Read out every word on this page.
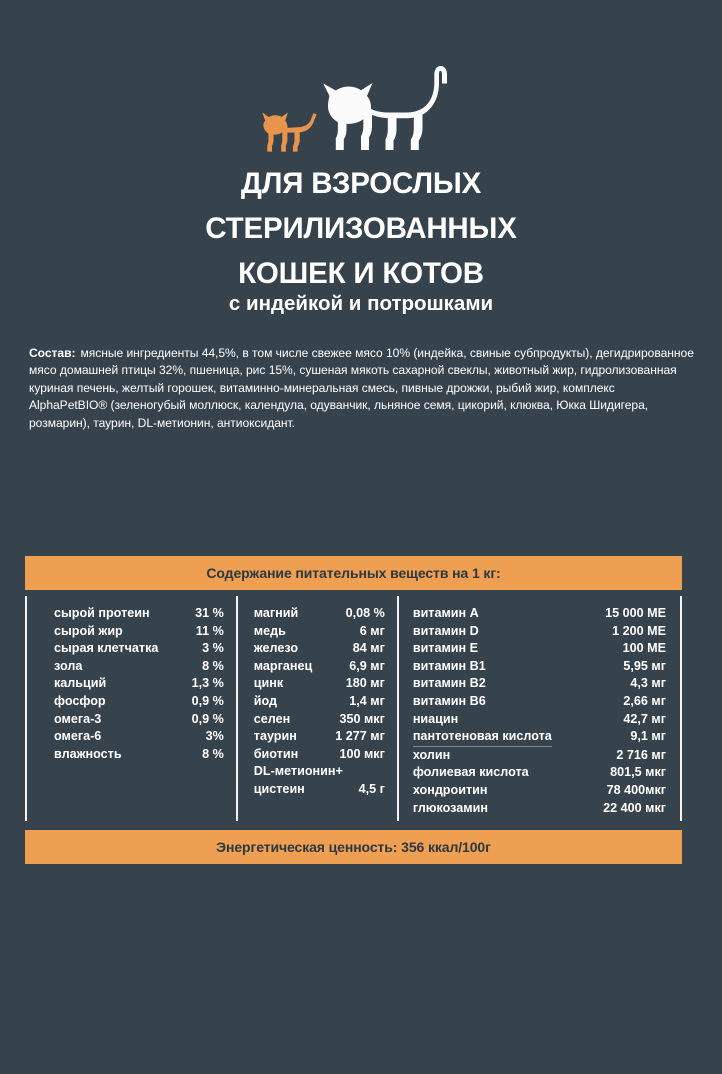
ДЛЯ ВЗРОСЛЫХ
СТЕРИЛИЗОВАННЫХ
КОШЕК И КОТОВ
с индейкой и потрошками

Состав: мясные ингредиенты 44,5%, в том числе свежее мясо 10% (индейка, свиные субпродукты), дегидрированное мясо домашней птицы 32%, пшеница, рис 15%, сушеная мякоть сахарной свеклы, животный жир, гидролизованная куриная печень, желтый горошек, витаминно-минеральная смесь, пивные дрожжи, рыбий жир, комплекс AlphaPetBIO® (зеленогубый моллюск, календула, одуванчик, льняное семя, цикорий, клюква, Юкка Шидигера, розмарин), таурин, DL-метионин, антиоксидант.

Содержание питательных веществ на 1 кг:
сырой протеин	31 %
сырой жир	11 %
сырая клетчатка	3 %
зола	8 %
кальций	1,3 %
фосфор	0,9 %
омега-3	0,9 %
омега-6	3%
влажность	8 %
магний	0,08 %
медь	6 мг
железо	84 мг
марганец	6,9 мг
цинк	180 мг
йод	1,4 мг
селен	350 мкг
таурин	1 277 мг
биотин	100 мкг
DL-метионин+
цистеин	4,5 г
витамин A	15 000 МЕ
витамин D	1 200 МЕ
витамин E	100 МЕ
витамин B1	5,95 мг
витамин B2	4,3 мг
витамин B6	2,66 мг
ниацин	42,7 мг
пантотеновая кислота	9,1 мг
холин	2 716 мг
фолиевая кислота	801,5 мкг
хондроитин	78 400мкг
глюкозамин	22 400 мкг
Энергетическая ценность: 356 ккал/100г
